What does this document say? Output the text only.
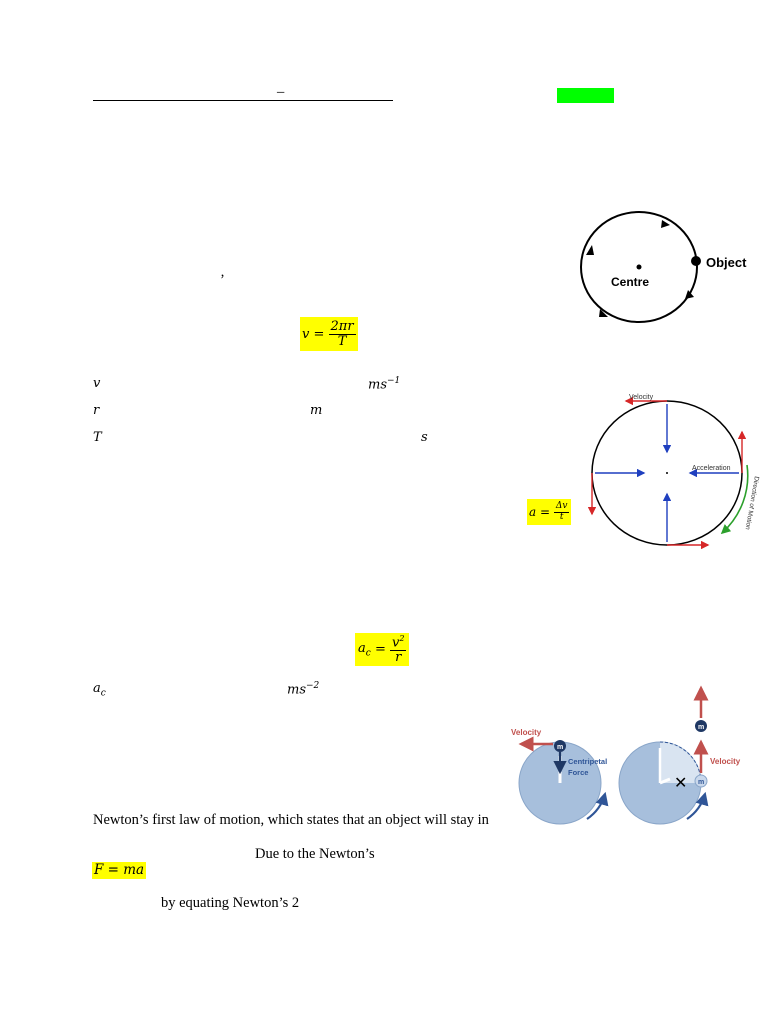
–
’
v =
$\frac{2\pi r}{T}$
v	$ms^{-1}$
r	m
T	s
a =
$\frac{\Delta v}{t}$
$a_c$
=
$\frac{v^2}{r}$
$a_c$	$ms^{-2}$
Newton’s first law of motion, which states that an object will stay in
Due to the Newton’s
F = ma
by equating Newton’s 2
Object
Centre
Velocity
Acceleration
Direction of Motion
m
Velocity
Centripetal
Force
✕ m
m
Velocity
